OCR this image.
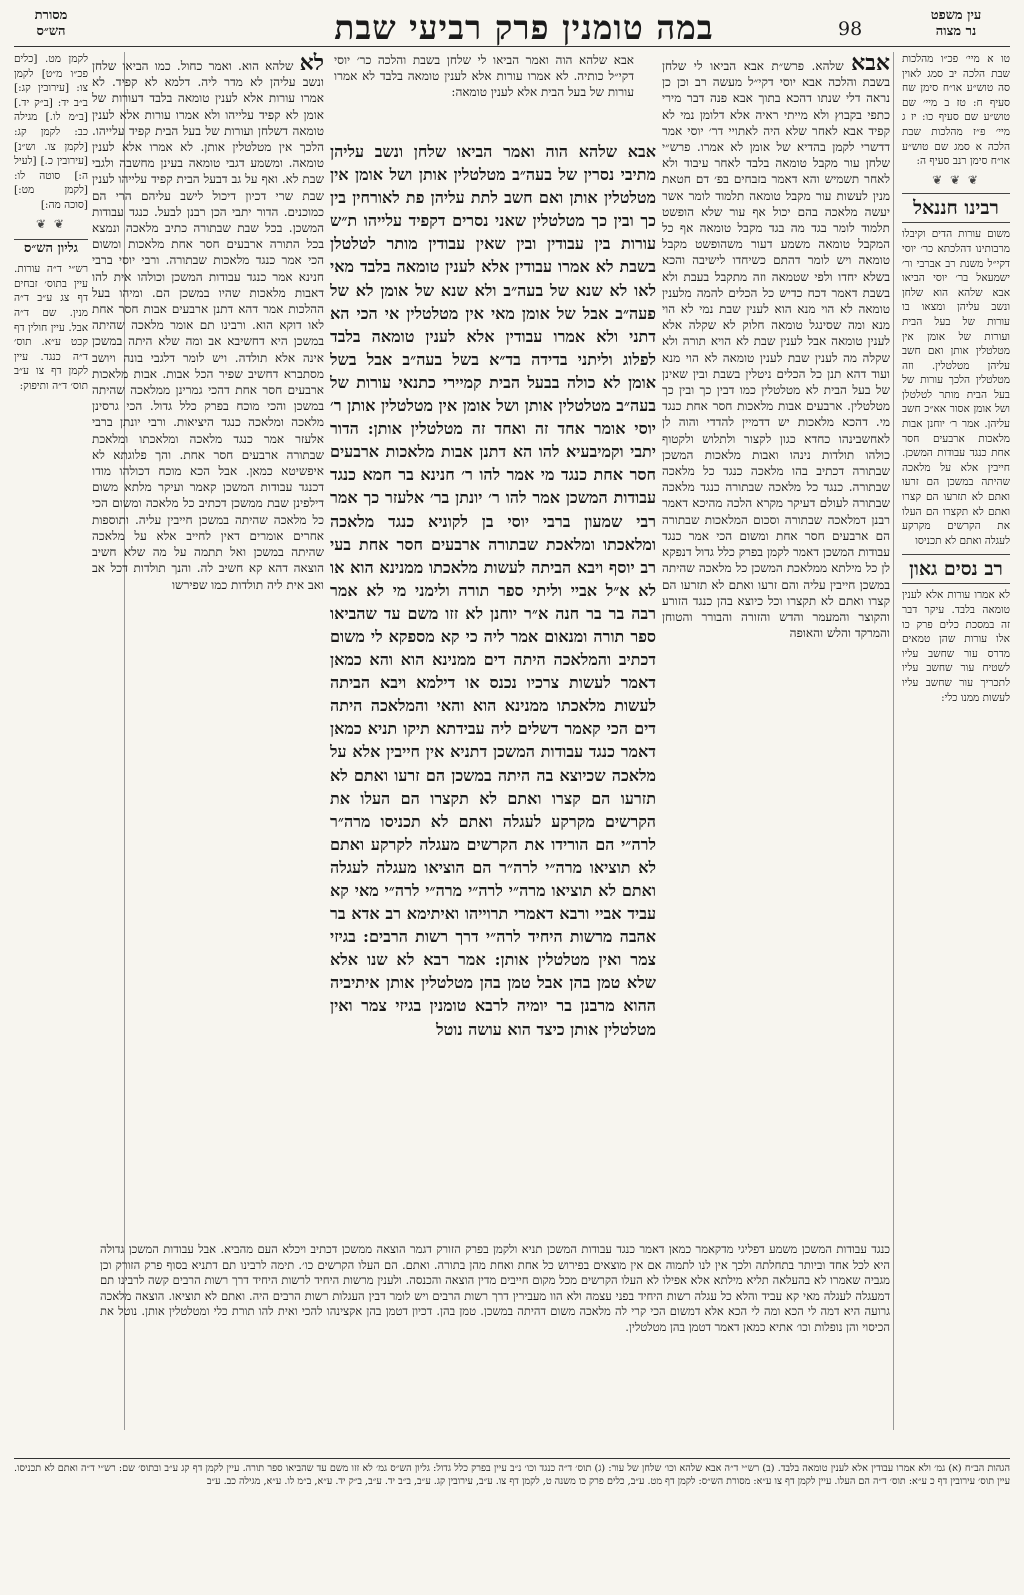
מסורת
הש״ס	במה טומנין פרק רביעי שבת	98
עין משפט
נר מצוה
טו א מיי׳ פכ״ו מהלכות שבת הלכה יב סמג לאוין סה טוש״ע או״ח סימן שח סעיף ח: טז ב מיי׳ שם טוש״ע שם סעיף כו: יז ג מיי׳ פ״ז מהלכות שבת הלכה א סמג שם טוש״ע או״ח סימן רנב סעיף ה:
❦ ❦ ❦
רבינו חננאל
משום עורות הדים וקיבלו מרבותינו דהלכתא כר׳ יוסי דקי״ל משנת רב אברבי ור׳ ישמעאל בר׳ יוסי הביאו אבא שלהא הוא שלחן ונשב עליהן ומצאו בו עורות של בעל הבית ועורות של אומן אין מטלטלין אותן ואם חשב עליהן מטלטלין. וזה מטלטלין הלכך עורות של בעל הבית מותר לטלטלן ושל אומן אסור אא״כ חשב עליהן. אמר ר׳ יוחנן אבות מלאכות ארבעים חסר אחת כנגד עבודות המשכן. חייבין אלא על מלאכה שהיתה במשכן הם זרעו ואתם לא תזרעו הם קצרו ואתם לא תקצרו הם העלו את הקרשים מקרקע לעגלה ואתם לא תכניסו
רב נסים גאון
לא אמרו עורות אלא לענין טומאה בלבד. עיקר דבר זה במסכת כלים פרק כו אלו עורות שהן טמאים מדרס עור שחשב עליו לשטיח עור שחשב עליו לתכריך עור שחשב עליו לעשות ממנו כלי:
לקמן מט. [כלים פכ״ו מ״ט] לקמן צו: [עירובין קג:] ב״ב יד: [ב״ק יד.] [ב״מ לו.] מגילה כב: לקמן קג: [לקמן צו. וש״נ] [עירובין כ.] [לעיל ה:] סוטה לו: [לקמן מט:] [סוכה מה:]
❦ ❦
גליון הש״ס
רש״י ד״ה עורות. עיין בתוס׳ זבחים דף צג ע״ב ד״ה מנין. שם ד״ה אבל. עיין חולין דף קכט ע״א. תוס׳ ד״ה כנגד. עיין לקמן דף צו ע״ב תוס׳ ד״ה ותיפוק:
אבא שלהא. פרש״ת אבא הביאו לי שלחן בשבת והלכה אבא יוסי דקי״ל מעשה רב וכן כן נראה דלי שנתו דהכא בתוך אבא פנה דבר מירי כתפי בקבוץ ולא מייתי ראיה אלא דלומן נמי לא קפיד אבא לאחר שלא היה לאתויי דר׳ יוסי אמר דדשרי לקמן בהדיא של אומן לא אמרו. פרש״י שלחן עור מקבל טומאה בלבד לאחר עיבוד ולא לאחר תשמיש והא דאמר בזבחים בפ׳ דם חטאת מנין לעשות עור מקבל טומאה תלמוד לומר אשר יעשה מלאכה בהם יכול אף עור שלא הופשט תלמוד לומר בגד מה בגד מקבל טומאה אף כל המקבל טומאה משמע דעור משהופשט מקבל טומאה ויש לומר דהתם כשיחדו לישיבה והכא בשלא יחדו ולפי שטמאה וזה מתקבל בעבת ולא בשבת דאמר דכח כדיש כל הכלים להמה מלענין טומאה לא הוי מנא הוא לענין שבת נמי לא הוי מנא ומה שסינגל טומאה חלוק לא שקלה אלא לענין טומאה אבל לענין שבת לא הויא תורה ולא שקלה מה לענין שבת לענין טומאה לא הוי מנא ועוד דהא תנן כל הכלים ניטלין בשבת ובין שאינן של בעל הבית לא מטלטלין כמו דבין כך ובין כך מטלטלין. ארבעים אבות מלאכות חסר אחת כנגד מי. דהכא מלאכות יש דדמיין להדדי והוה לן לאחשבינהו כחדא כגון לקצור ולתלוש ולקטוף כולהו תולדות נינהו ואבות מלאכות המשכן שבתורה דכתיב בהו מלאכה כנגד כל מלאכה שבתורה. כנגד כל מלאכה שבתורה כנגד מלאכה שבתורה לעולם דעיקר מקרא הלכה מהיכא דאמר רבנן דמלאכה שבתורה וסכום המלאכות שבתורה הם ארבעים חסר אחת ומשום הכי אמר כנגד עבודות המשכן דאמר לקמן בפרק כלל גדול דנפקא לן כל מילתא ממלאכת המשכן כל מלאכה שהיתה במשכן חייבין עליה והם זרעו ואתם לא תזרעו הם קצרו ואתם לא תקצרו וכל כיוצא בהן כנגד הזורע והקוצר והמעמר והדש והזורה והבורר והטוחן והמרקד והלש והאופה
לא שלהא הוא. ואמר כחול. כמו הביאו שלחן ונשב עליהן לא מדר ליה. דלמא לא קפיד. לא אמרו עורות אלא לענין טומאה בלבד דעורות של אומן לא קפיד עלייהו ולא אמרו עורות אלא לענין טומאה דשלחן ועורות של בעל הבית קפיד עלייהו. הלכך אין מטלטלין אותן. לא אמרו אלא לענין טומאה. ומשמע דגבי טומאה בעינן מחשבה ולגבי שבת לא. ואף על גב דבעל הבית קפיד עלייהו לענין שבת שרי דכיון דיכול לישב עליהם הרי הם כמוכנים. הדור יתבי הכן רבנן לבעל. כנגד עבודות המשכן. בכל שבת שבתורה כתיב מלאכה ונמצא בכל התורה ארבעים חסר אחת מלאכות ומשום הכי אמר כנגד מלאכות שבתורה. ורבי יוסי ברבי חנינא אמר כנגד עבודות המשכן וכולהו אית להו דאבות מלאכות שהיו במשכן הם. ומיהו בעל ההלכות אמר דהא דתנן ארבעים אבות חסר אחת לאו דוקא הוא. ורבינו תם אומר מלאכה שהיתה במשכן היא דחשיבא אב ומה שלא היתה במשכן אינה אלא תולדה. ויש לומר דלגבי בונה ויושב מסתברא דחשיב שפיר הכל אבות. אבות מלאכות ארבעים חסר אחת דהכי גמרינן ממלאכה שהיתה במשכן והכי מוכח בפרק כלל גדול. הכי גרסינן מלאכה ומלאכה כנגד היציאות. ורבי יונתן ברבי אלעזר אמר כנגד מלאכה ומלאכתו ומלאכת שבתורה ארבעים חסר אחת. והך פלוגתא לא איפשיטא כמאן. אבל הכא מוכח דכולהו מודו דכנגד עבודות המשכן קאמר ועיקר מלתא משום דילפינן שבת ממשכן דכתיב כל מלאכה ומשום הכי כל מלאכה שהיתה במשכן חייבין עליה. ותוספות אחרים אומרים דאין לחייב אלא על מלאכה שהיתה במשכן ואל תתמה על מה שלא חשיב הוצאה דהא קא חשיב לה. והנך תולדות דכל אב ואב אית ליה תולדות כמו שפירשו
אבא שלהא הוה ואמר הביאו לי שלחן בשבת והלכה כר׳ יוסי דקי״ל כותיה. לא אמרו עורות אלא לענין טומאה בלבד לא אמרו עורות של בעל הבית אלא לענין טומאה:
אבא שלהא הוה ואמר הביאו שלחן ונשב עליהן מתיבי נסרין של בעה״ב מטלטלין אותן ושל אומן אין מטלטלין אותן ואם חשב לתת עליהן פת לאורחין בין כך ובין כך מטלטלין שאני נסרים דקפיד עלייהו ת״ש עורות בין עבודין ובין שאין עבודין מותר לטלטלן בשבת לא אמרו עבודין אלא לענין טומאה בלבד מאי לאו לא שנא של בעה״ב ולא שנא של אומן לא של פעה״ב אבל של אומן מאי אין מטלטלין אי הכי הא דתני ולא אמרו עבודין אלא לענין טומאה בלבד לפלוג וליתני בדידה בד״א בשל בעה״ב אבל בשל אומן לא כולה בבעל הבית קמיירי כתנאי עורות של בעה״ב מטלטלין אותן ושל אומן אין מטלטלין אותן ר׳ יוסי אומר אחד זה ואחד זה מטלטלין אותן: הדור יתבי וקמיבעיא להו הא דתנן אבות מלאכות ארבעים חסר אחת כנגד מי אמר להו ר׳ חנינא בר חמא כנגד עבודות המשכן אמר להו ר׳ יונתן בר׳ אלעזר כך אמר רבי שמעון ברבי יוסי בן לקוניא כנגד מלאכה ומלאכתו ומלאכת שבתורה ארבעים חסר אחת בעי רב יוסף ויבא הביתה לעשות מלאכתו ממנינא הוא או לא א״ל אביי וליתי ספר תורה ולימני מי לא אמר רבה בר בר חנה א״ר יוחנן לא זזו משם עד שהביאו ספר תורה ומנאום אמר ליה כי קא מספקא לי משום דכתיב והמלאכה היתה דים ממנינא הוא והא כמאן דאמר לעשות צרכיו נכנס או דילמא ויבא הביתה לעשות מלאכתו ממנינא הוא והאי והמלאכה היתה דים הכי קאמר דשלים ליה עבידתא תיקו תניא כמאן דאמר כנגד עבודות המשכן דתניא אין חייבין אלא על מלאכה שכיוצא בה היתה במשכן הם זרעו ואתם לא תזרעו הם קצרו ואתם לא תקצרו הם העלו את הקרשים מקרקע לעגלה ואתם לא תכניסו מרה״ר לרה״י הם הורידו את הקרשים מעגלה לקרקע ואתם לא תוציאו מרה״י לרה״ר הם הוציאו מעגלה לעגלה ואתם לא תוציאו מרה״י לרה״י מרה״י לרה״י מאי קא עביד אביי ורבא דאמרי תרוייהו ואיתימא רב אדא בר אהבה מרשות היחיד לרה״י דרך רשות הרבים: בגיזי צמר ואין מטלטלין אותן: אמר רבא לא שנו אלא שלא טמן בהן אבל טמן בהן מטלטלין אותן איתיביה ההוא מרבנן בר יומיה לרבא טומנין בגיזי צמר ואין מטלטלין אותן כיצד הוא עושה נוטל
כנגד עבודות המשכן משמע דפליגי מדקאמר כמאן דאמר כנגד עבודות המשכן תניא ולקמן בפרק הזורק דגמר הוצאה ממשכן דכתיב ויכלא העם מהביא. אבל עבודות המשכן גדולה היא לכל אחד וביותר בתחלתה ולכך אין לנו לתמוה אם אין מוצאים בפירוש כל אחת ואחת מהן בתורה. ואתם. הם העלו הקרשים כו׳. תימה לרבינו תם דתניא בסוף פרק הזורק וכן מגביה שאמרו לא בהעלאה תליא מילתא אלא אפילו לא העלו הקרשים מכל מקום חייבים מדין הוצאה והכנסה. ולענין מרשות היחיד לרשות היחיד דרך רשות הרבים קשה לרבינו תם דמעגלה לעגלה מאי קא עביד והלא כל עגלה רשות היחיד בפני עצמה ולא הוו מעבירין דרך רשות הרבים ויש לומר דבין העגלות רשות הרבים היה. ואתם לא תוציאו. הוצאה מלאכה גרועה היא דמה לי הכא ומה לי הכא אלא דמשום הכי קרי לה מלאכה משום דהיתה במשכן. טמן בהן. דכיון דטמן בהן אקצינהו להכי ואית להו תורת כלי ומטלטלין אותן. נוטל את הכיסוי והן נופלות וכו׳ אתיא כמאן דאמר דטמן בהן מטלטלין.
הגהות הב״ח (א) גמ׳ ולא אמרו עבודין אלא לענין טומאה בלבד. (ב) רש״י ד״ה אבא שלהא וכו׳ שלחן של עור: (ג) תוס׳ ד״ה כנגד וכו׳ נ״ב עיין בפרק כלל גדול: גליון הש״ס גמ׳ לא זזו משם עד שהביאו ספר תורה. עיין לקמן דף קג ע״ב ובתוס׳ שם: רש״י ד״ה ואתם לא תכניסו. עיין תוס׳ עירובין דף כ ע״א: תוס׳ ד״ה הם העלו. עיין לקמן דף צו ע״א: מסורת הש״ס: לקמן דף מט. ע״ב, כלים פרק כו משנה ט, לקמן דף צו. ע״ב, עירובין קג. ע״ב, ב״ב יד. ע״ב, ב״ק יד. ע״א, ב״מ לו. ע״א, מגילה כב. ע״ב
